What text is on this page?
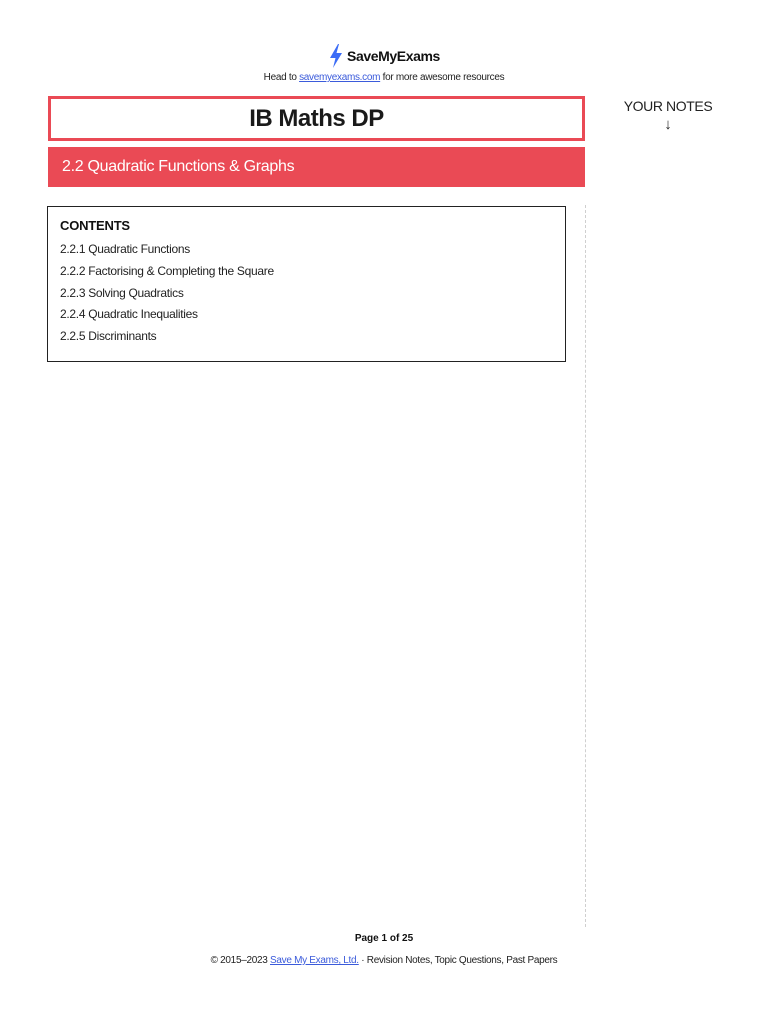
SaveMyExams
Head to savemyexams.com for more awesome resources
IB Maths DP
2.2 Quadratic Functions & Graphs
YOUR NOTES
↓
CONTENTS
2.2.1 Quadratic Functions
2.2.2 Factorising & Completing the Square
2.2.3 Solving Quadratics
2.2.4 Quadratic Inequalities
2.2.5 Discriminants
Page 1 of 25
© 2015–2023 Save My Exams, Ltd. · Revision Notes, Topic Questions, Past Papers
